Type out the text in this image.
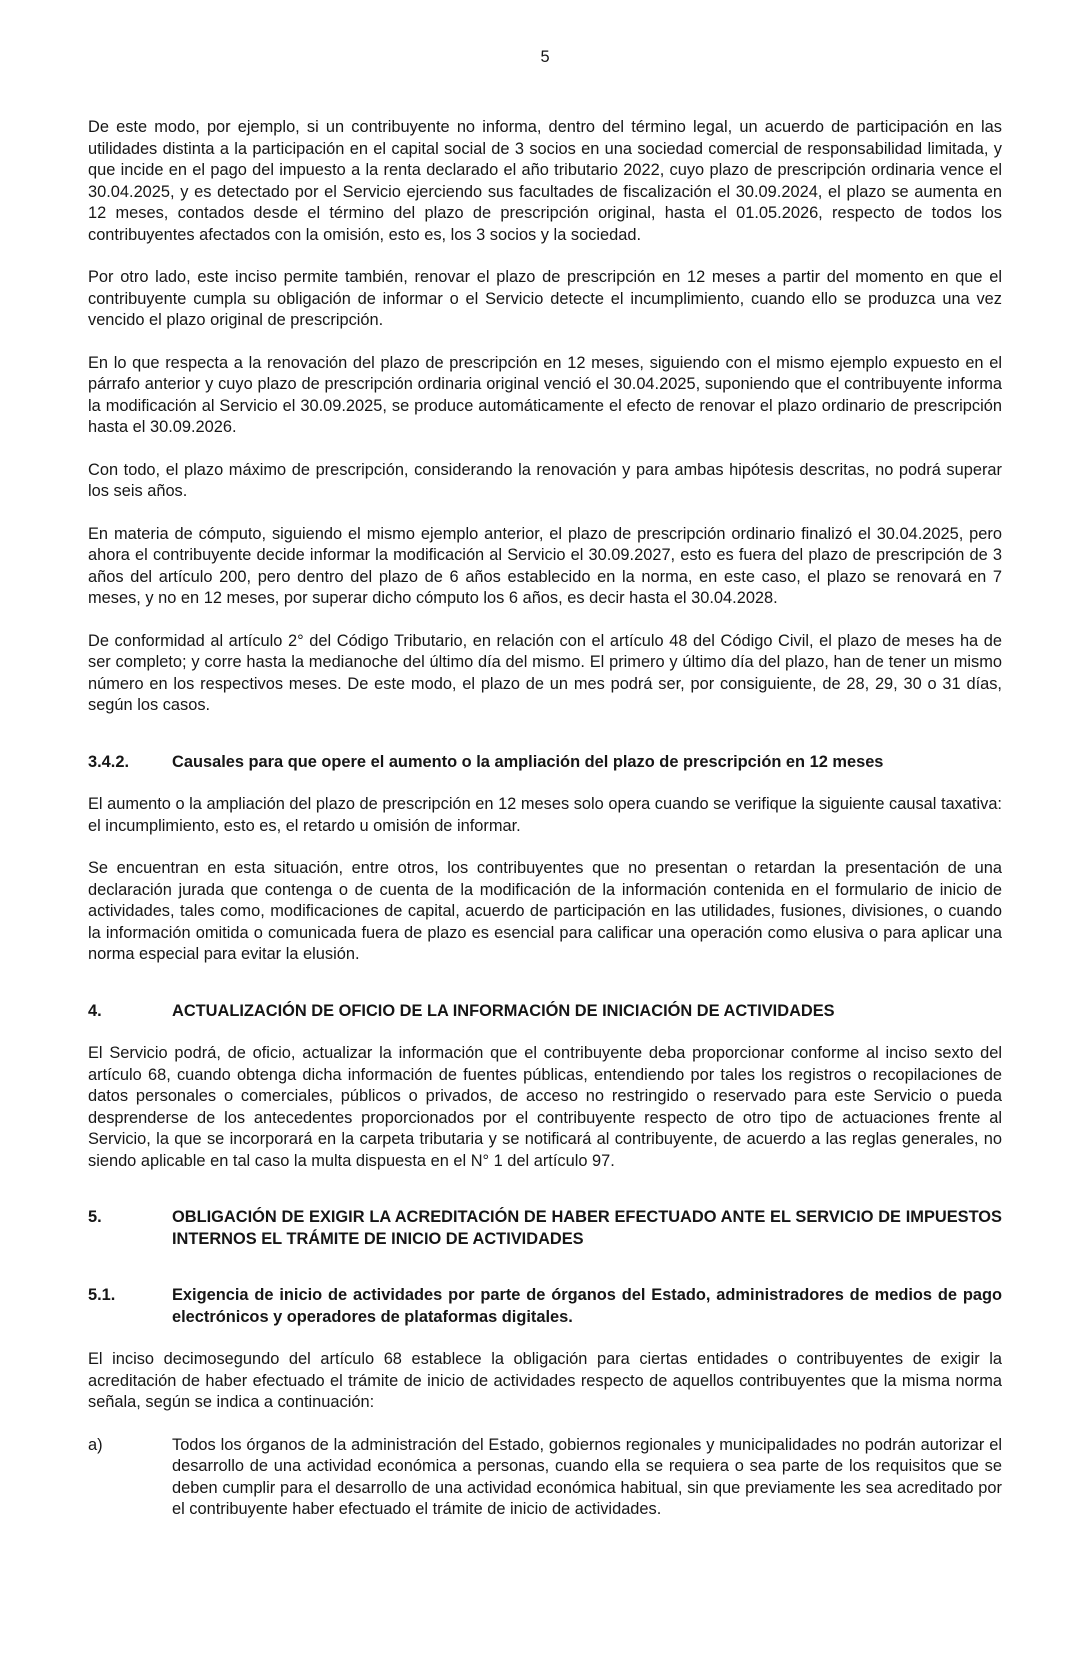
5

De este modo, por ejemplo, si un contribuyente no informa, dentro del término legal, un acuerdo de participación en las utilidades distinta a la participación en el capital social de 3 socios en una sociedad comercial de responsabilidad limitada, y que incide en el pago del impuesto a la renta declarado el año tributario 2022, cuyo plazo de prescripción ordinaria vence el 30.04.2025, y es detectado por el Servicio ejerciendo sus facultades de fiscalización el 30.09.2024, el plazo se aumenta en 12 meses, contados desde el término del plazo de prescripción original, hasta el 01.05.2026, respecto de todos los contribuyentes afectados con la omisión, esto es, los 3 socios y la sociedad.

Por otro lado, este inciso permite también, renovar el plazo de prescripción en 12 meses a partir del momento en que el contribuyente cumpla su obligación de informar o el Servicio detecte el incumplimiento, cuando ello se produzca una vez vencido el plazo original de prescripción.

En lo que respecta a la renovación del plazo de prescripción en 12 meses, siguiendo con el mismo ejemplo expuesto en el párrafo anterior y cuyo plazo de prescripción ordinaria original venció el 30.04.2025, suponiendo que el contribuyente informa la modificación al Servicio el 30.09.2025, se produce automáticamente el efecto de renovar el plazo ordinario de prescripción hasta el 30.09.2026.

Con todo, el plazo máximo de prescripción, considerando la renovación y para ambas hipótesis descritas, no podrá superar los seis años.

En materia de cómputo, siguiendo el mismo ejemplo anterior, el plazo de prescripción ordinario finalizó el 30.04.2025, pero ahora el contribuyente decide informar la modificación al Servicio el 30.09.2027, esto es fuera del plazo de prescripción de 3 años del artículo 200, pero dentro del plazo de 6 años establecido en la norma, en este caso, el plazo se renovará en 7 meses, y no en 12 meses, por superar dicho cómputo los 6 años, es decir hasta el 30.04.2028.

De conformidad al artículo 2° del Código Tributario, en relación con el artículo 48 del Código Civil, el plazo de meses ha de ser completo; y corre hasta la medianoche del último día del mismo. El primero y último día del plazo, han de tener un mismo número en los respectivos meses. De este modo, el plazo de un mes podrá ser, por consiguiente, de 28, 29, 30 o 31 días, según los casos.

3.4.2.	Causales para que opere el aumento o la ampliación del plazo de prescripción en 12 meses

El aumento o la ampliación del plazo de prescripción en 12 meses solo opera cuando se verifique la siguiente causal taxativa: el incumplimiento, esto es, el retardo u omisión de informar.

Se encuentran en esta situación, entre otros, los contribuyentes que no presentan o retardan la presentación de una declaración jurada que contenga o de cuenta de la modificación de la información contenida en el formulario de inicio de actividades, tales como, modificaciones de capital, acuerdo de participación en las utilidades, fusiones, divisiones, o cuando la información omitida o comunicada fuera de plazo es esencial para calificar una operación como elusiva o para aplicar una norma especial para evitar la elusión.

4.	ACTUALIZACIÓN DE OFICIO DE LA INFORMACIÓN DE INICIACIÓN DE ACTIVIDADES

El Servicio podrá, de oficio, actualizar la información que el contribuyente deba proporcionar conforme al inciso sexto del artículo 68, cuando obtenga dicha información de fuentes públicas, entendiendo por tales los registros o recopilaciones de datos personales o comerciales, públicos o privados, de acceso no restringido o reservado para este Servicio o pueda desprenderse de los antecedentes proporcionados por el contribuyente respecto de otro tipo de actuaciones frente al Servicio, la que se incorporará en la carpeta tributaria y se notificará al contribuyente, de acuerdo a las reglas generales, no siendo aplicable en tal caso la multa dispuesta en el N° 1 del artículo 97.

5.	OBLIGACIÓN DE EXIGIR LA ACREDITACIÓN DE HABER EFECTUADO ANTE EL SERVICIO DE IMPUESTOS INTERNOS EL TRÁMITE DE INICIO DE ACTIVIDADES
5.1.	Exigencia de inicio de actividades por parte de órganos del Estado, administradores de medios de pago electrónicos y operadores de plataformas digitales.

El inciso decimosegundo del artículo 68 establece la obligación para ciertas entidades o contribuyentes de exigir la acreditación de haber efectuado el trámite de inicio de actividades respecto de aquellos contribuyentes que la misma norma señala, según se indica a continuación:

a)	Todos los órganos de la administración del Estado, gobiernos regionales y municipalidades no podrán autorizar el desarrollo de una actividad económica a personas, cuando ella se requiera o sea parte de los requisitos que se deben cumplir para el desarrollo de una actividad económica habitual, sin que previamente les sea acreditado por el contribuyente haber efectuado el trámite de inicio de actividades.
